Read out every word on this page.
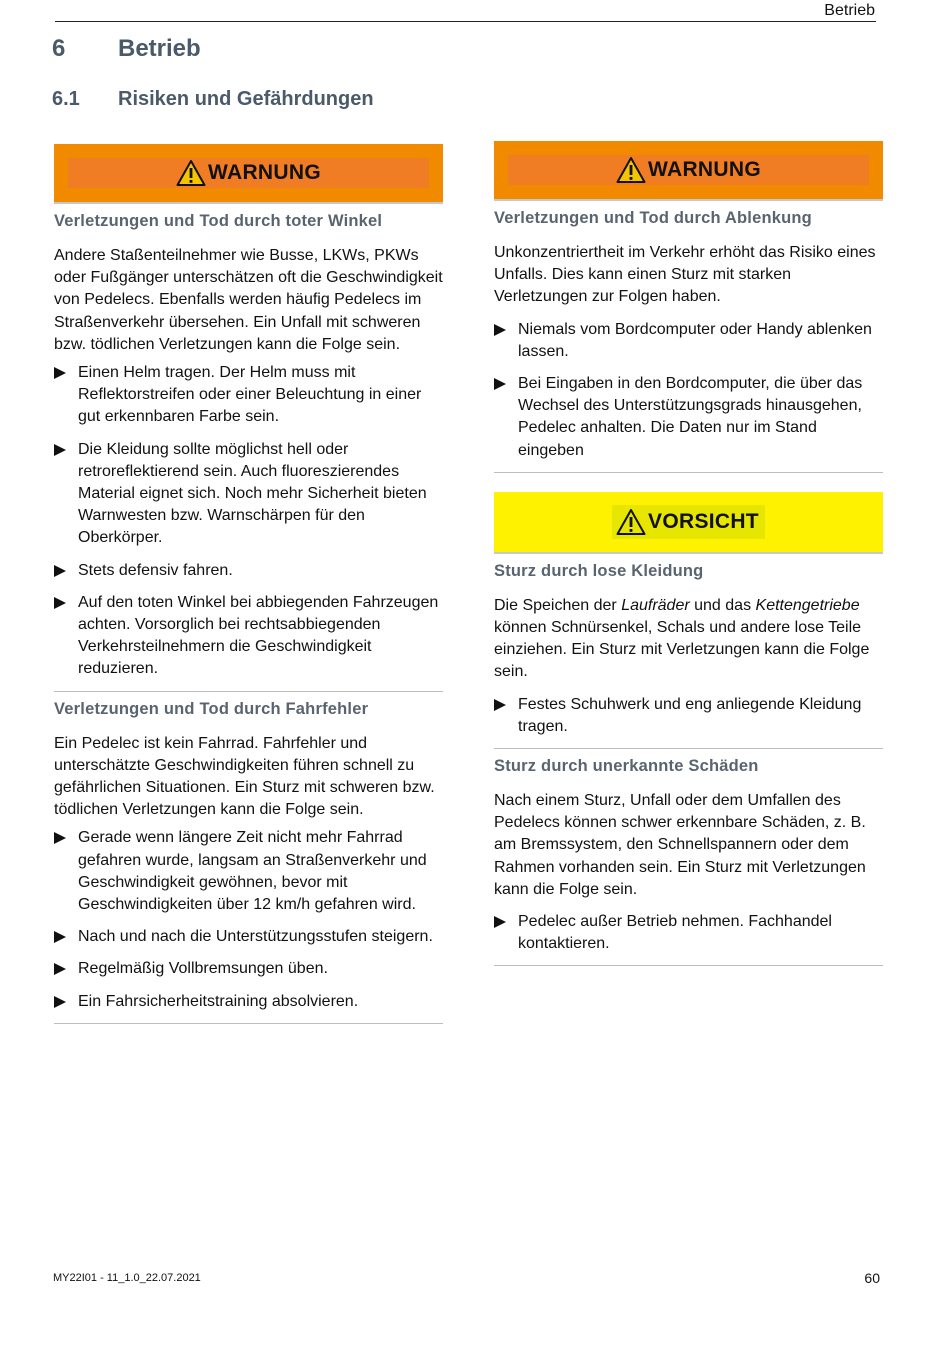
Betrieb
6 Betrieb
6.1 Risiken und Gefährdungen
WARNUNG
Verletzungen und Tod durch toter Winkel
Andere Staßenteilnehmer wie Busse, LKWs, PKWs oder Fußgänger unterschätzen oft die Geschwindigkeit von Pedelecs. Ebenfalls werden häufig Pedelecs im Straßenverkehr übersehen. Ein Unfall mit schweren bzw. tödlichen Verletzungen kann die Folge sein.
Einen Helm tragen. Der Helm muss mit Reflektorstreifen oder einer Beleuchtung in einer gut erkennbaren Farbe sein.
Die Kleidung sollte möglichst hell oder retroreflektierend sein. Auch fluoreszierendes Material eignet sich. Noch mehr Sicherheit bieten Warnwesten bzw. Warnschärpen für den Oberkörper.
Stets defensiv fahren.
Auf den toten Winkel bei abbiegenden Fahrzeugen achten. Vorsorglich bei rechtsabbiegenden Verkehrsteilnehmern die Geschwindigkeit reduzieren.
Verletzungen und Tod durch Fahrfehler
Ein Pedelec ist kein Fahrrad. Fahrfehler und unterschätzte Geschwindigkeiten führen schnell zu gefährlichen Situationen. Ein Sturz mit schweren bzw. tödlichen Verletzungen kann die Folge sein.
Gerade wenn längere Zeit nicht mehr Fahrrad gefahren wurde, langsam an Straßenverkehr und Geschwindigkeit gewöhnen, bevor mit Geschwindigkeiten über 12 km/h gefahren wird.
Nach und nach die Unterstützungsstufen steigern.
Regelmäßig Vollbremsungen üben.
Ein Fahrsicherheitstraining absolvieren.
WARNUNG
Verletzungen und Tod durch Ablenkung
Unkonzentriertheit im Verkehr erhöht das Risiko eines Unfalls. Dies kann einen Sturz mit starken Verletzungen zur Folgen haben.
Niemals vom Bordcomputer oder Handy ablenken lassen.
Bei Eingaben in den Bordcomputer, die über das Wechsel des Unterstützungsgrads hinausgehen, Pedelec anhalten. Die Daten nur im Stand eingeben
VORSICHT
Sturz durch lose Kleidung
Die Speichen der Laufräder und das Kettengetriebe können Schnürsenkel, Schals und andere lose Teile einziehen. Ein Sturz mit Verletzungen kann die Folge sein.
Festes Schuhwerk und eng anliegende Kleidung tragen.
Sturz durch unerkannte Schäden
Nach einem Sturz, Unfall oder dem Umfallen des Pedelecs können schwer erkennbare Schäden, z. B. am Bremssystem, den Schnellspannern oder dem Rahmen vorhanden sein. Ein Sturz mit Verletzungen kann die Folge sein.
Pedelec außer Betrieb nehmen. Fachhandel kontaktieren.
MY22I01 - 11_1.0_22.07.2021	60
